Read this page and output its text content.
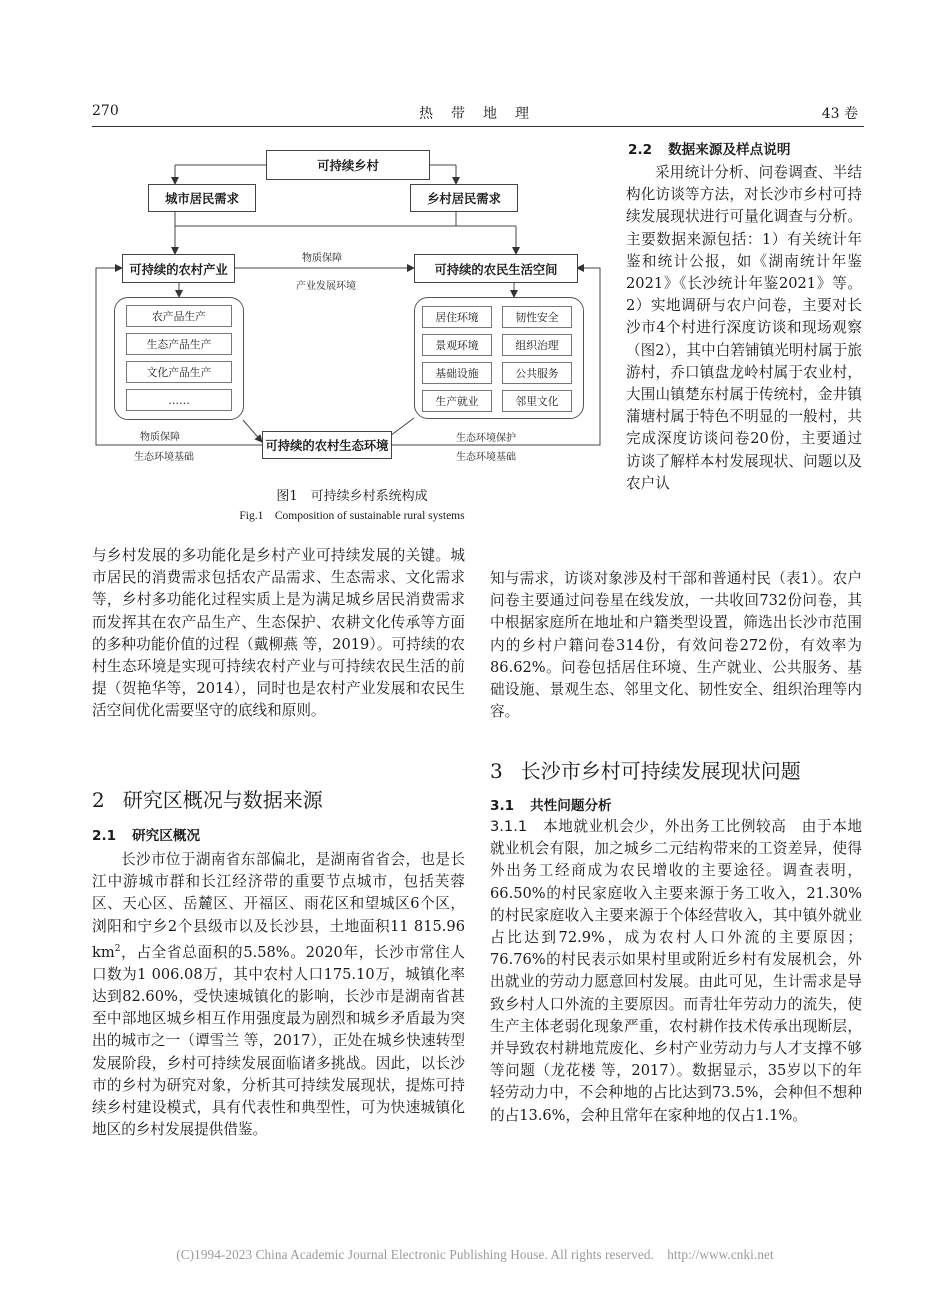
270	热　带　地　理	43 卷
可持续乡村
城市居民需求	乡村居民需求
物质保障
产业发展环境
可持续的农村产业	可持续的农民生活空间
农产品生产
生态产品生产
文化产品生产
……
居住环境
景观环境
基础设施
生产就业
韧性安全
组织治理
公共服务
邻里文化
物质保障
生态环境基础
生态环境保护
生态环境基础
可持续的农村生态环境
图1　可持续乡村系统构成
Fig.1　Composition of sustainable rural systems

与乡村发展的多功能化是乡村产业可持续发展的关键。城市居民的消费需求包括农产品需求、生态需求、文化需求等，乡村多功能化过程实质上是为满足城乡居民消费需求而发挥其在农产品生产、生态保护、农耕文化传承等方面的多种功能价值的过程（戴柳燕 等，2019）。可持续的农村生态环境是实现可持续农村产业与可持续农民生活的前提（贺艳华等，2014），同时也是农村产业发展和农民生活空间优化需要坚守的底线和原则。

2 研究区概况与数据来源
2.1 研究区概况

长沙市位于湖南省东部偏北，是湖南省省会，也是长江中游城市群和长江经济带的重要节点城市，包括芙蓉区、天心区、岳麓区、开福区、雨花区和望城区6个区，浏阳和宁乡2个县级市以及长沙县，土地面积11 815.96 $km^2$，占全省总面积的5.58%。2020年，长沙市常住人口数为1 006.08万，其中农村人口175.10万，城镇化率达到82.60%，受快速城镇化的影响，长沙市是湖南省甚至中部地区城乡相互作用强度最为剧烈和城乡矛盾最为突出的城市之一（谭雪兰 等，2017），正处在城乡快速转型发展阶段，乡村可持续发展面临诸多挑战。因此，以长沙市的乡村为研究对象，分析其可持续发展现状，提炼可持续乡村建设模式，具有代表性和典型性，可为快速城镇化地区的乡村发展提供借鉴。

2.2 数据来源及样点说明

采用统计分析、问卷调查、半结构化访谈等方法，对长沙市乡村可持续发展现状进行可量化调查与分析。主要数据来源包括：1）有关统计年鉴和统计公报，如《湖南统计年鉴2021》《长沙统计年鉴2021》等。2）实地调研与农户问卷，主要对长沙市4个村进行深度访谈和现场观察（图2），其中白箬铺镇光明村属于旅游村，乔口镇盘龙岭村属于农业村，大围山镇楚东村属于传统村，金井镇蒲塘村属于特色不明显的一般村，共完成深度访谈问卷20份，主要通过访谈了解样本村发展现状、问题以及农户认

知与需求，访谈对象涉及村干部和普通村民（表1）。农户问卷主要通过问卷星在线发放，一共收回732份问卷，其中根据家庭所在地址和户籍类型设置，筛选出长沙市范围内的乡村户籍问卷314份，有效问卷272份，有效率为86.62%。问卷包括居住环境、生产就业、公共服务、基础设施、景观生态、邻里文化、韧性安全、组织治理等内容。

3 长沙市乡村可持续发展现状问题
3.1 共性问题分析

3.1.1　本地就业机会少，外出务工比例较高　 由于本地就业机会有限，加之城乡二元结构带来的工资差异，使得外出务工经商成为农民增收的主要途径。调查表明，66.50%的村民家庭收入主要来源于务工收入，21.30%的村民家庭收入主要来源于个体经营收入，其中镇外就业占比达到72.9%，成为农村人口外流的主要原因；76.76%的村民表示如果村里或附近乡村有发展机会，外出就业的劳动力愿意回村发展。由此可见，生计需求是导致乡村人口外流的主要原因。而青壮年劳动力的流失，使生产主体老弱化现象严重，农村耕作技术传承出现断层，并导致农村耕地荒废化、乡村产业劳动力与人才支撑不够等问题（龙花楼 等，2017）。数据显示，35岁以下的年轻劳动力中，不会种地的占比达到73.5%，会种但不想种的占13.6%，会种且常年在家种地的仅占1.1%。

(C)1994-2023 China Academic Journal Electronic Publishing House. All rights reserved.　http://www.cnki.net
